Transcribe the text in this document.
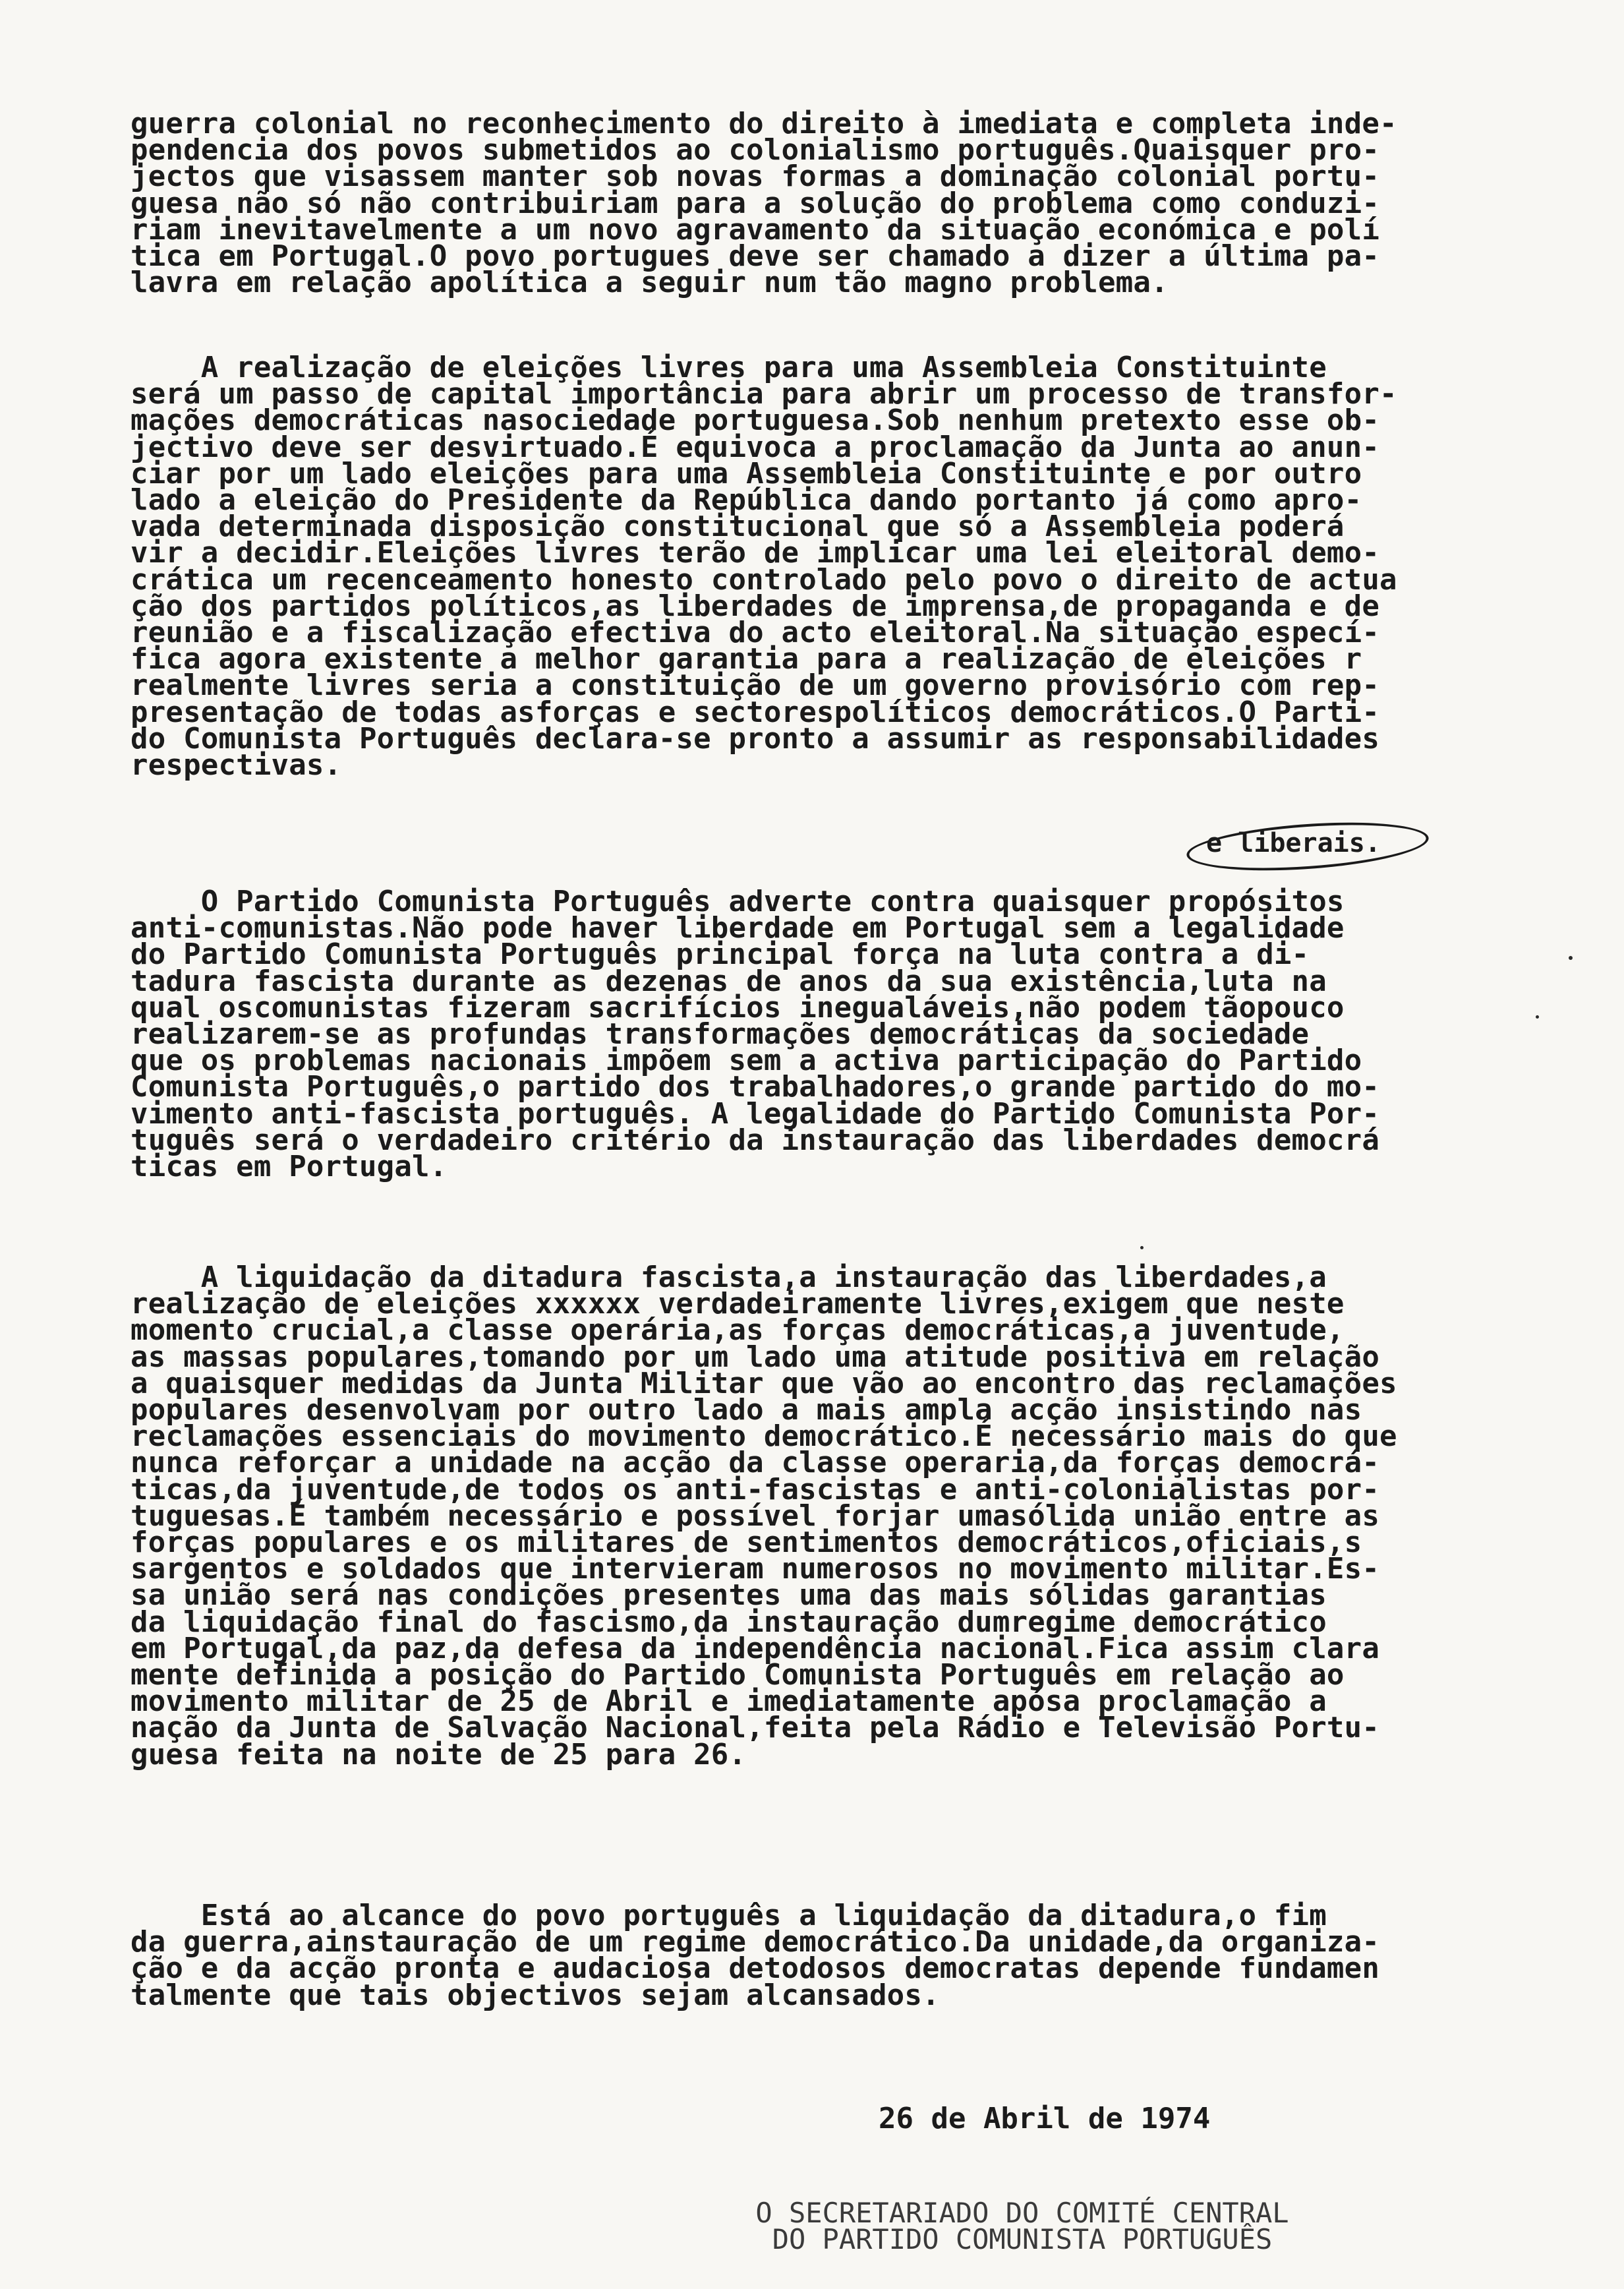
guerra colonial no reconhecimento do direito à imediata e completa inde-
pendencia dos povos submetidos ao colonialismo português.Quaisquer pro-
jectos que visassem manter sob novas formas a dominação colonial portu-
guesa não só não contribuiriam para a solução do problema como conduzi-
riam inevitavelmente a um novo agravamento da situação económica e polí
tica em Portugal.O povo portugues deve ser chamado a dizer a última pa-
lavra em relação apolítica a seguir num tão magno problema.
A realização de eleições livres para uma Assembleia Constituinte
será um passo de capital importância para abrir um processo de transfor-
mações democráticas nasociedade portuguesa.Sob nenhum pretexto esse ob-
jectivo deve ser desvirtuado.É equivoca a proclamação da Junta ao anun-
ciar por um lado eleições para uma Assembleia Constituinte e por outro
lado a eleição do Presidente da República dando portanto já como apro-
vada determinada disposição constitucional que só a Assembleia poderá
vir a decidir.Eleições livres terão de implicar uma lei eleitoral demo-
crática um recenceamento honesto controlado pelo povo o direito de actua
ção dos partidos políticos,as liberdades de imprensa,de propaganda e de
reunião e a fiscalização efectiva do acto eleitoral.Na situação especí-
fica agora existente a melhor garantia para a realização de eleições r
realmente livres seria a constituição de um governo provisório com rep-
presentação de todas asforças e sectorespolíticos democráticos.O Parti-
do Comunista Português declara-se pronto a assumir as responsabilidades
respectivas.
e liberais.
O Partido Comunista Português adverte contra quaisquer propósitos
anti-comunistas.Não pode haver liberdade em Portugal sem a legalidade
do Partido Comunista Português principal força na luta contra a di-
tadura fascista durante as dezenas de anos da sua existência,luta na
qual oscomunistas fizeram sacrifícios inegualáveis,não podem tãopouco
realizarem-se as profundas transformações democráticas da sociedade
que os problemas nacionais impõem sem a activa participação do Partido
Comunista Português,o partido dos trabalhadores,o grande partido do mo-
vimento anti-fascista português. A legalidade do Partido Comunista Por-
tuguês será o verdadeiro critério da instauração das liberdades democrá
ticas em Portugal.
A liquidação da ditadura fascista,a instauração das liberdades,a
realização de eleições xxxxxx verdadeiramente livres,exigem que neste
momento crucial,a classe operária,as forças democráticas,a juventude,
as massas populares,tomando por um lado uma atitude positiva em relação
a quaisquer medidas da Junta Militar que vão ao encontro das reclamações
populares desenvolvam por outro lado a mais ampla acção insistindo nas
reclamações essenciais do movimento democrático.É necessário mais do que
nunca reforçar a unidade na acção da classe operaria,da forças democrá-
ticas,da juventude,de todos os anti-fascistas e anti-colonialistas por-
tuguesas.É também necessário e possível forjar umasólida união entre as
forças populares e os militares de sentimentos democráticos,oficiais,s
sargentos e soldados que intervieram numerosos no movimento militar.Es-
sa união será nas condições presentes uma das mais sólidas garantias
da liquidação final do fascismo,da instauração dumregime democrático
em Portugal,da paz,da defesa da independência nacional.Fica assim clara
mente definida a posição do Partido Comunista Português em relação ao
movimento militar de 25 de Abril e imediatamente apósa proclamação a
nação da Junta de Salvação Nacional,feita pela Rádio e Televisão Portu-
guesa feita na noite de 25 para 26.
Está ao alcance do povo português a liquidação da ditadura,o fim
da guerra,ainstauração de um regime democrático.Da unidade,da organiza-
ção e da acção pronta e audaciosa detodosos democratas depende fundamen
talmente que tais objectivos sejam alcansados.
26 de Abril de 1974
O SECRETARIADO DO COMITÉ CENTRAL
DO PARTIDO COMUNISTA PORTUGUÊS
